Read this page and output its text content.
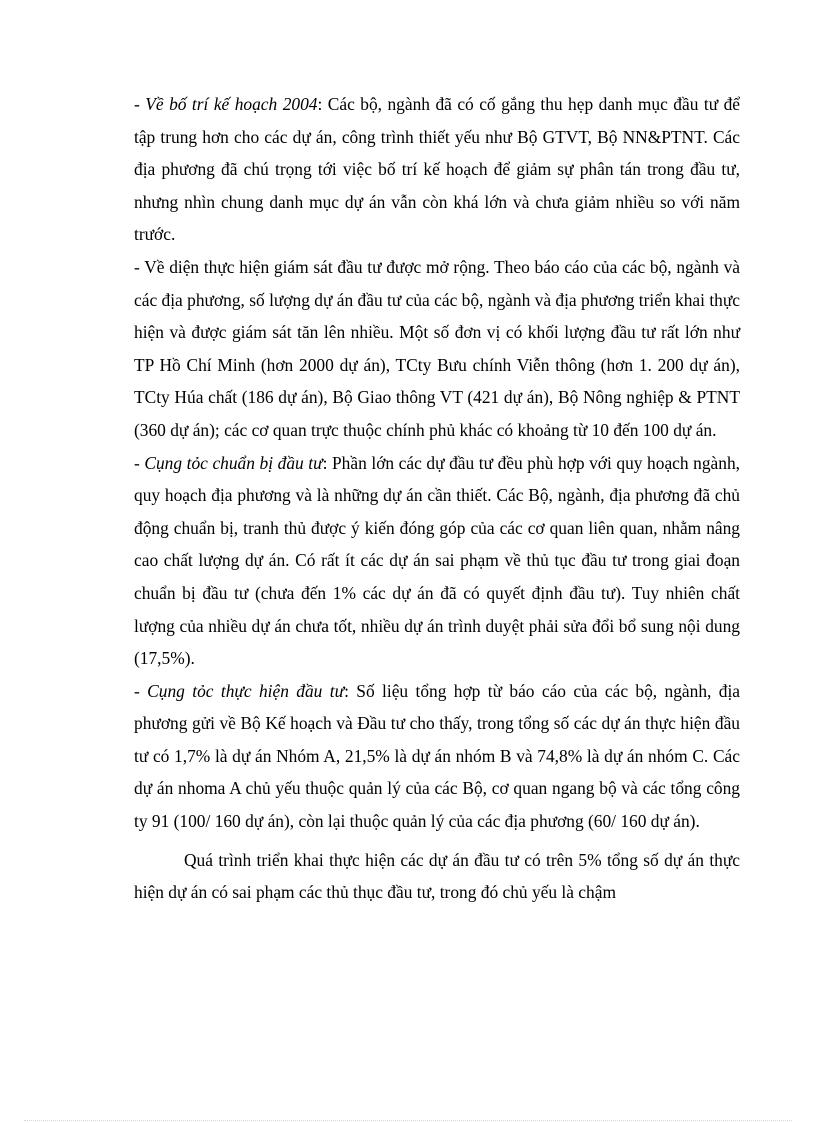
- Về bố trí kế hoạch 2004: Các bộ, ngành đã có cố gắng thu hẹp danh mục đầu tư để tập trung hơn cho các dự án, công trình thiết yếu như Bộ GTVT, Bộ NN&PTNT. Các địa phương đã chú trọng tới việc bố trí kế hoạch để giảm sự phân tán trong đầu tư, nhưng nhìn chung danh mục dự án vẫn còn khá lớn và chưa giảm nhiều so với năm trước.

- Về diện thực hiện giám sát đầu tư được mở rộng. Theo báo cáo của các bộ, ngành và các địa phương, số lượng dự án đầu tư của các bộ, ngành và địa phương triển khai thực hiện và được giám sát tăn lên nhiều. Một số đơn vị có khối lượng đầu tư rất lớn như TP Hồ Chí Minh (hơn 2000 dự án), TCty Bưu chính Viễn thông (hơn 1. 200 dự án), TCty Húa chất (186 dự án), Bộ Giao thông VT (421 dự án), Bộ Nông nghiệp & PTNT (360 dự án); các cơ quan trực thuộc chính phủ khác có khoảng từ 10 đến 100 dự án.

- Cụng tỏc chuẩn bị đầu tư: Phần lớn các dự đầu tư đều phù hợp với quy hoạch ngành, quy hoạch địa phương và là những dự án cần thiết. Các Bộ, ngành, địa phương đã chủ động chuẩn bị, tranh thủ được ý kiến đóng góp của các cơ quan liên quan, nhằm nâng cao chất lượng dự án. Có rất ít các dự án sai phạm về thủ tục đầu tư trong giai đoạn chuẩn bị đầu tư (chưa đến 1% các dự án đã có quyết định đầu tư). Tuy nhiên chất lượng của nhiều dự án chưa tốt, nhiều dự án trình duyệt phải sửa đổi bổ sung nội dung (17,5%).

- Cụng tỏc thực hiện đầu tư: Số liệu tổng hợp từ báo cáo của các bộ, ngành, địa phương gửi về Bộ Kế hoạch và Đầu tư cho thấy, trong tổng số các dự án thực hiện đầu tư có 1,7% là dự án Nhóm A, 21,5% là dự án nhóm B và 74,8% là dự án nhóm C. Các dự án nhoma A chủ yếu thuộc quản lý của các Bộ, cơ quan ngang bộ và các tổng công ty 91 (100/ 160 dự án), còn lại thuộc quản lý của các địa phương (60/ 160 dự án).

Quá trình triển khai thực hiện các dự án đầu tư có trên 5% tổng số dự án thực hiện dự án có sai phạm các thủ thục đầu tư, trong đó chủ yếu là chậm
